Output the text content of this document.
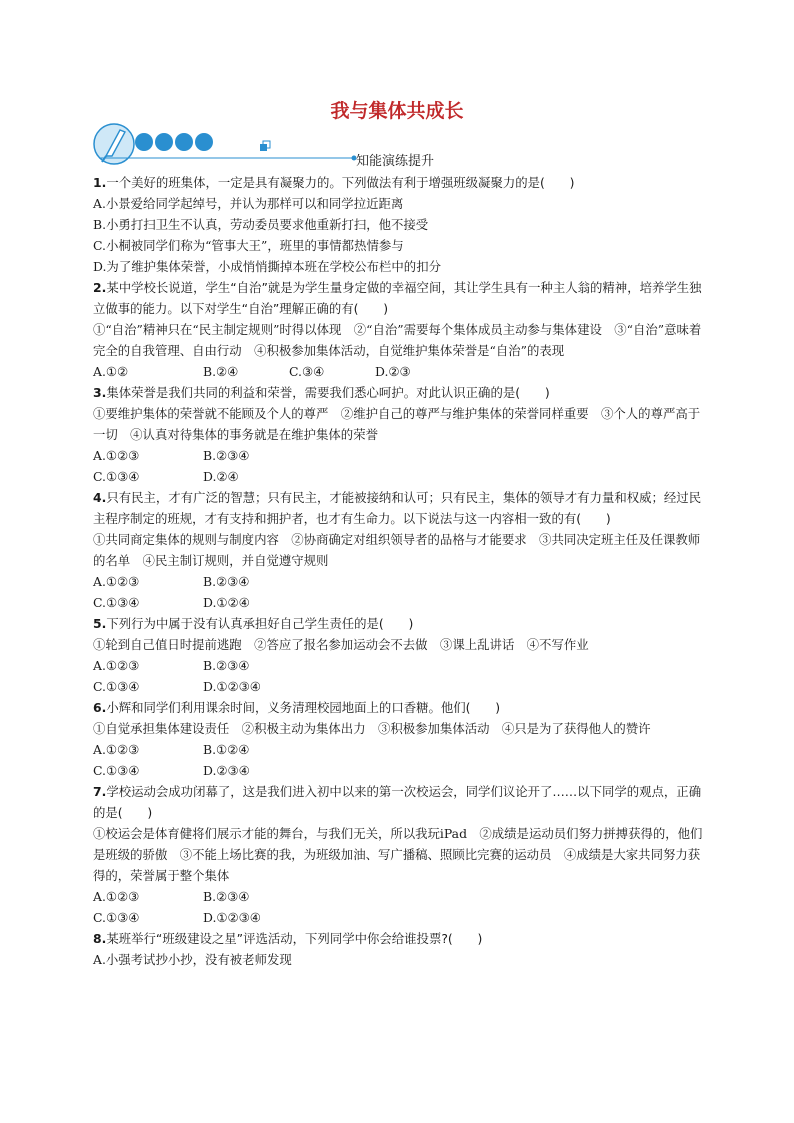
我与集体共成长
知能演练提升

1.一个美好的班集体，一定是具有凝聚力的。下列做法有利于增强班级凝聚力的是(　　)

A.小景爱给同学起绰号，并认为那样可以和同学拉近距离

B.小勇打扫卫生不认真，劳动委员要求他重新打扫，他不接受

C.小桐被同学们称为“管事大王”，班里的事情都热情参与

D.为了维护集体荣誉，小成悄悄撕掉本班在学校公布栏中的扣分

2.某中学校长说道，学生“自治”就是为学生量身定做的幸福空间，其让学生具有一种主人翁的精神，培养学生独立做事的能力。以下对学生“自治”理解正确的有(　　)

①“自治”精神只在“民主制定规则”时得以体现　②“自治”需要每个集体成员主动参与集体建设　③“自治”意味着完全的自我管理、自由行动　④积极参加集体活动，自觉维护集体荣誉是“自治”的表现

A.①②	B.②④	C.③④	D.②③

3.集体荣誉是我们共同的利益和荣誉，需要我们悉心呵护。对此认识正确的是(　　)

①要维护集体的荣誉就不能顾及个人的尊严　②维护自己的尊严与维护集体的荣誉同样重要　③个人的尊严高于一切　④认真对待集体的事务就是在维护集体的荣誉

A.①②③	B.②③④
C.①③④	D.②④

4.只有民主，才有广泛的智慧；只有民主，才能被接纳和认可；只有民主，集体的领导才有力量和权威；经过民主程序制定的班规，才有支持和拥护者，也才有生命力。以下说法与这一内容相一致的有(　　)

①共同商定集体的规则与制度内容　②协商确定对组织领导者的品格与才能要求　③共同决定班主任及任课教师的名单　④民主制订规则，并自觉遵守规则

A.①②③	B.②③④
C.①③④	D.①②④

5.下列行为中属于没有认真承担好自己学生责任的是(　　)

①轮到自己值日时提前逃跑　②答应了报名参加运动会不去做　③课上乱讲话　④不写作业

A.①②③	B.②③④
C.①③④	D.①②③④

6.小辉和同学们利用课余时间，义务清理校园地面上的口香糖。他们(　　)

①自觉承担集体建设责任　②积极主动为集体出力　③积极参加集体活动　④只是为了获得他人的赞许

A.①②③	B.①②④
C.①③④	D.②③④

7.学校运动会成功闭幕了，这是我们进入初中以来的第一次校运会，同学们议论开了……以下同学的观点，正确的是(　　)

①校运会是体育健将们展示才能的舞台，与我们无关，所以我玩iPad　②成绩是运动员们努力拼搏获得的，他们是班级的骄傲　③不能上场比赛的我，为班级加油、写广播稿、照顾比完赛的运动员　④成绩是大家共同努力获得的，荣誉属于整个集体

A.①②③	B.②③④
C.①③④	D.①②③④

8.某班举行“班级建设之星”评选活动，下列同学中你会给谁投票?(　　)

A.小强考试抄小抄，没有被老师发现
